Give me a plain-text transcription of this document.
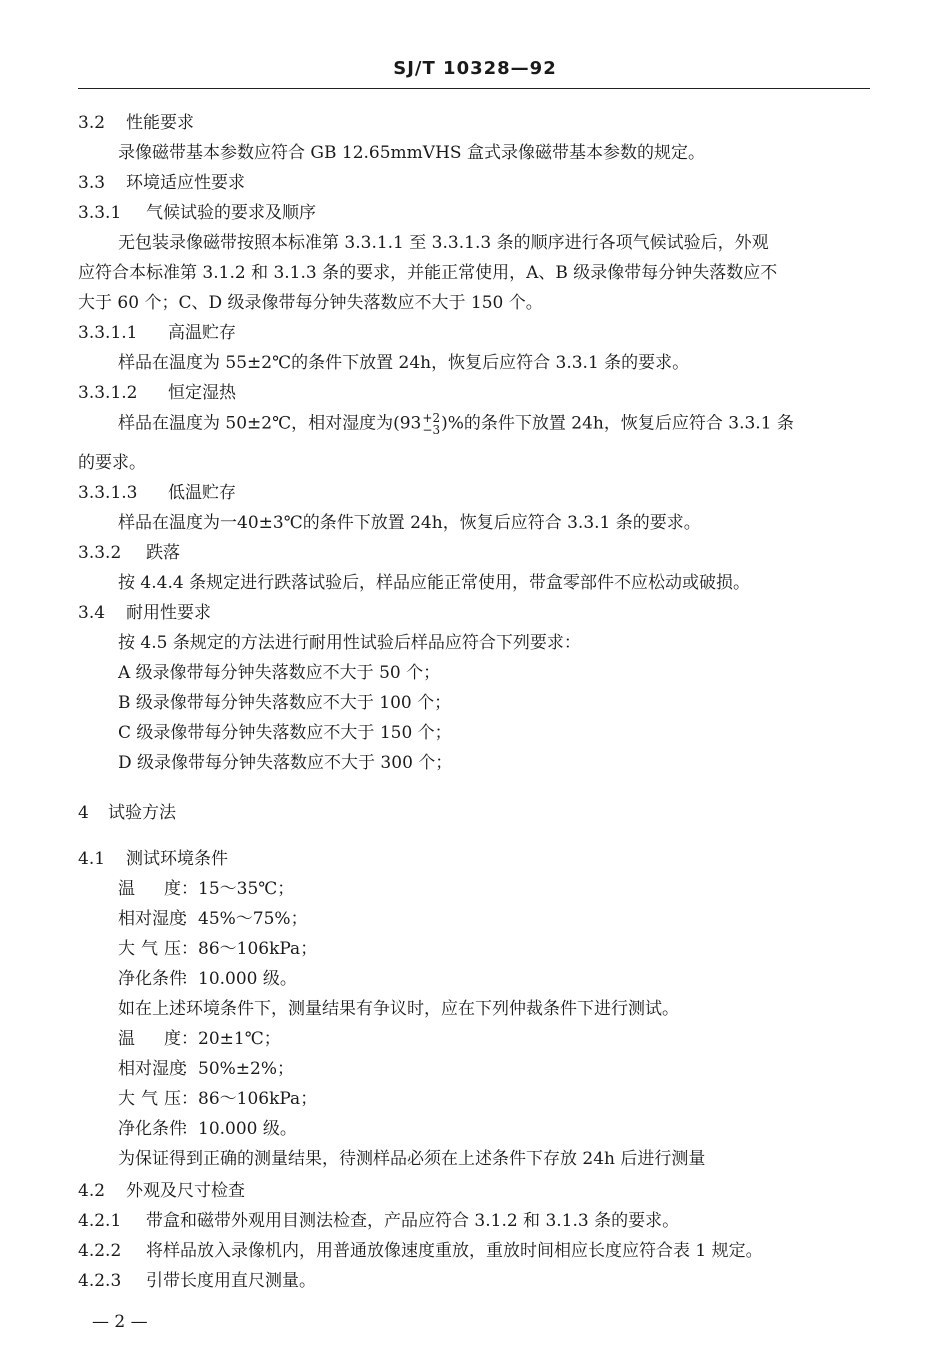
SJ/T 10328—92
3.2 性能要求
录像磁带基本参数应符合 GB 12.65mmVHS 盒式录像磁带基本参数的规定。
3.3 环境适应性要求
3.3.1 气候试验的要求及顺序
无包装录像磁带按照本标准第 3.3.1.1 至 3.3.1.3 条的顺序进行各项气候试验后，外观
应符合本标准第 3.1.2 和 3.1.3 条的要求，并能正常使用，A、B 级录像带每分钟失落数应不
大于 60 个；C、D 级录像带每分钟失落数应不大于 150 个。
3.3.1.1 高温贮存
样品在温度为 55±2℃的条件下放置 24h，恢复后应符合 3.3.1 条的要求。
3.3.1.2 恒定湿热
样品在温度为 50±2℃，相对湿度为(93 +2
−3 )%的条件下放置 24h，恢复后应符合 3.3.1 条
的要求。
3.3.1.3 低温贮存
样品在温度为一40±3℃的条件下放置 24h，恢复后应符合 3.3.1 条的要求。
3.3.2 跌落
按 4.4.4 条规定进行跌落试验后，样品应能正常使用，带盒零部件不应松动或破损。
3.4 耐用性要求
按 4.5 条规定的方法进行耐用性试验后样品应符合下列要求：
A 级录像带每分钟失落数应不大于 50 个；
B 级录像带每分钟失落数应不大于 100 个；
C 级录像带每分钟失落数应不大于 150 个；
D 级录像带每分钟失落数应不大于 300 个；
4 试验方法
4.1 测试环境条件
温度：15～35℃；
相对湿度：45%～75%；
大气压：86～106kPa；
净化条件：10.000 级。
如在上述环境条件下，测量结果有争议时，应在下列仲裁条件下进行测试。
温度：20±1℃；
相对湿度：50%±2%；
大气压：86～106kPa；
净化条件：10.000 级。
为保证得到正确的测量结果，待测样品必须在上述条件下存放 24h 后进行测量
4.2 外观及尺寸检查
4.2.1 带盒和磁带外观用目测法检查，产品应符合 3.1.2 和 3.1.3 条的要求。
4.2.2 将样品放入录像机内，用普通放像速度重放，重放时间相应长度应符合表 1 规定。
4.2.3 引带长度用直尺测量。
— 2 —
